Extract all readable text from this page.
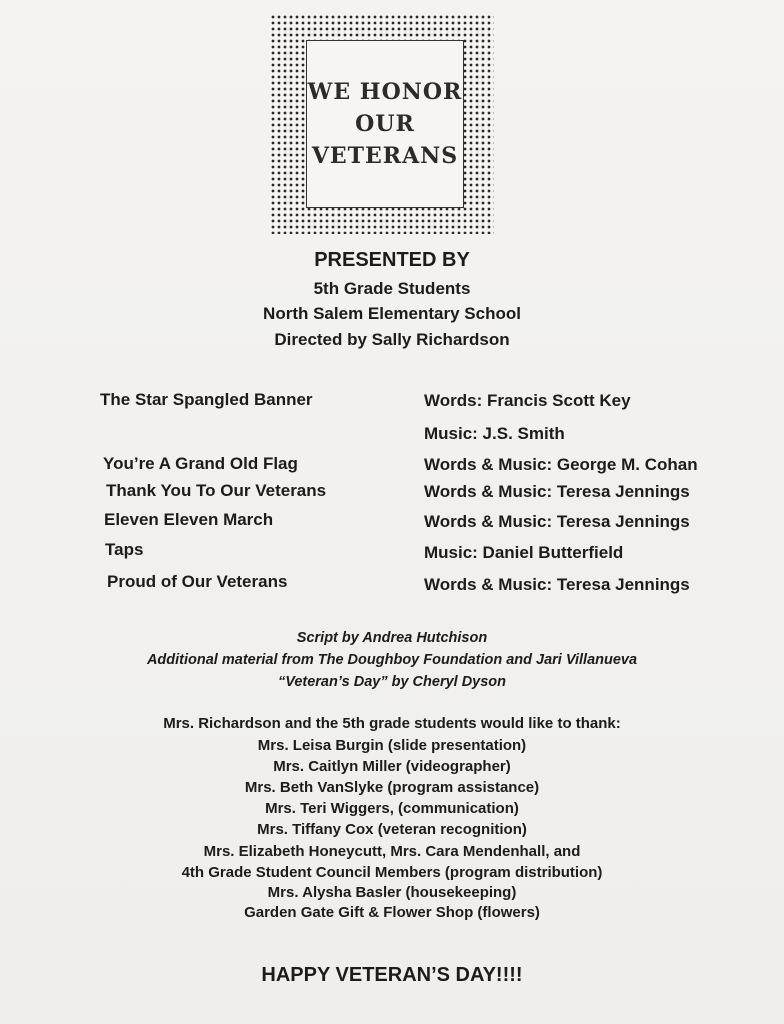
WE HONOR
OUR
VETERANS
PRESENTED BY
5th Grade Students
North Salem Elementary School
Directed by Sally Richardson
The Star Spangled Banner	Words: Francis Scott Key
Music: J.S. Smith
You’re A Grand Old Flag	Words & Music: George M. Cohan
Thank You To Our Veterans	Words & Music: Teresa Jennings
Eleven Eleven March	Words & Music: Teresa Jennings
Taps	Music: Daniel Butterfield
Proud of Our Veterans	Words & Music: Teresa Jennings
Script by Andrea Hutchison
Additional material from The Doughboy Foundation and Jari Villanueva
“Veteran’s Day” by Cheryl Dyson
Mrs. Richardson and the 5th grade students would like to thank:
Mrs. Leisa Burgin (slide presentation)
Mrs. Caitlyn Miller (videographer)
Mrs. Beth VanSlyke (program assistance)
Mrs. Teri Wiggers, (communication)
Mrs. Tiffany Cox (veteran recognition)
Mrs. Elizabeth Honeycutt, Mrs. Cara Mendenhall, and
4th Grade Student Council Members (program distribution)
Mrs. Alysha Basler (housekeeping)
Garden Gate Gift & Flower Shop (flowers)
HAPPY VETERAN’S DAY!!!!
